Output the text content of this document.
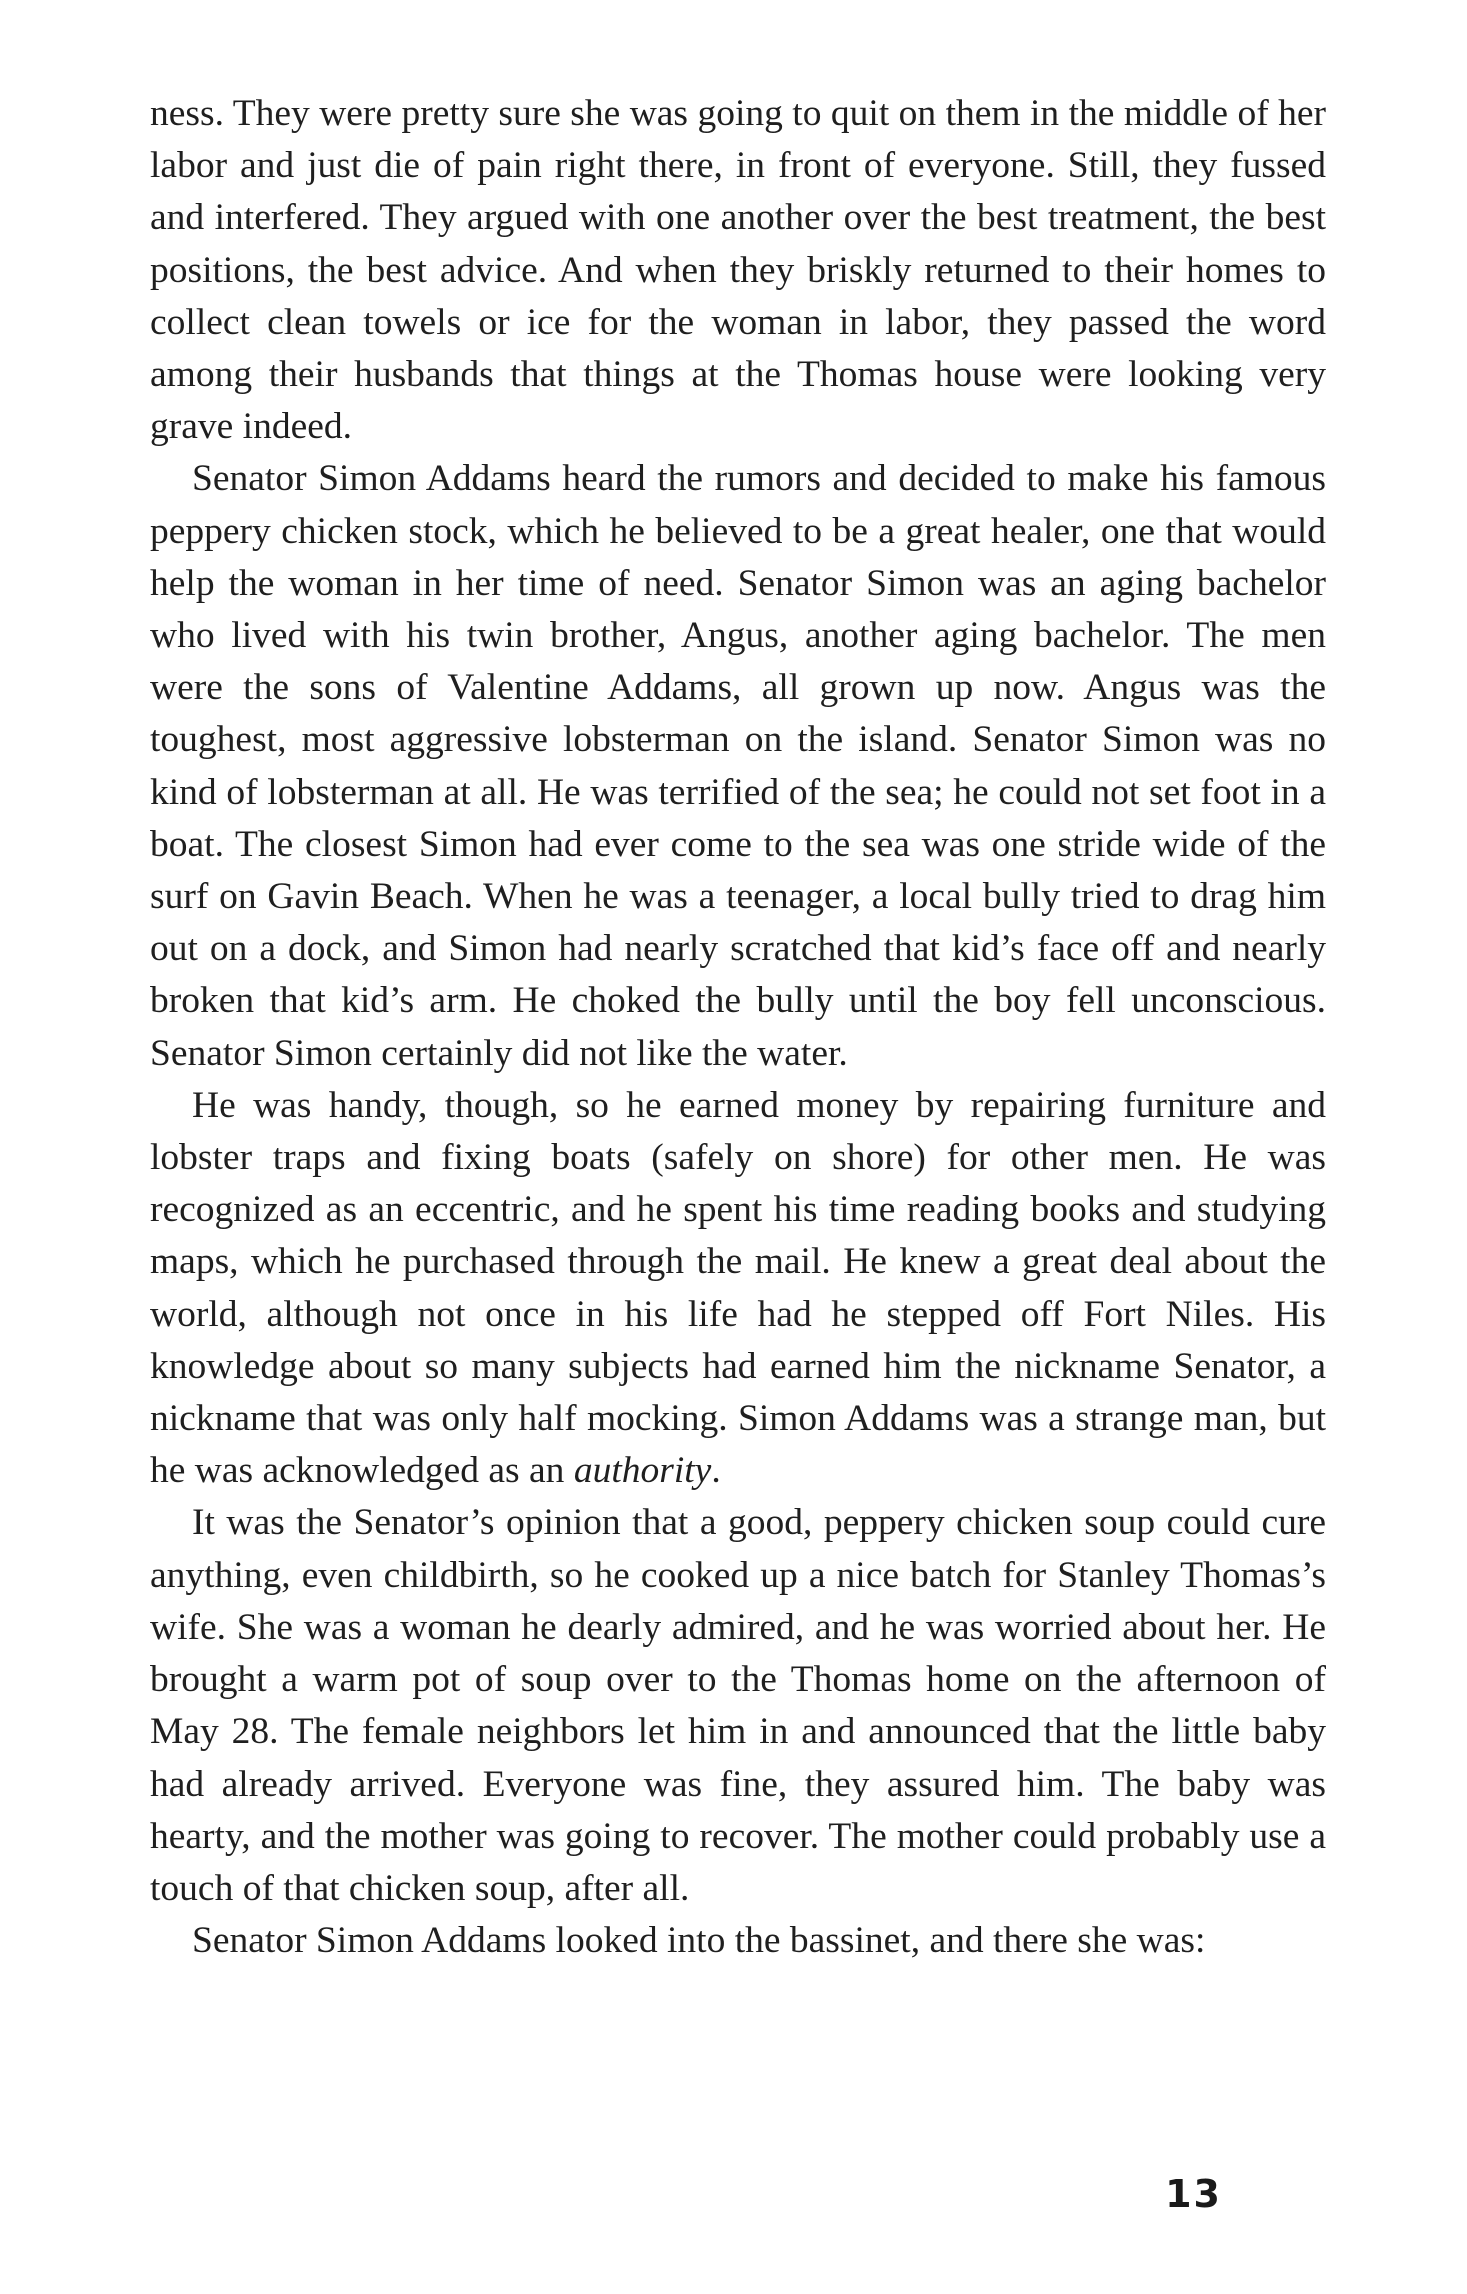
ness. They were pretty sure she was going to quit on them in the middle of her labor and just die of pain right there, in front of everyone. Still, they fussed and interfered. They argued with one another over the best treatment, the best positions, the best advice. And when they briskly returned to their homes to collect clean towels or ice for the woman in labor, they passed the word among their husbands that things at the Thomas house were looking very grave indeed.

Senator Simon Addams heard the rumors and decided to make his famous peppery chicken stock, which he believed to be a great healer, one that would help the woman in her time of need. Senator Simon was an aging bachelor who lived with his twin brother, Angus, another aging bachelor. The men were the sons of Valentine Addams, all grown up now. Angus was the toughest, most aggressive lobsterman on the island. Senator Simon was no kind of lobsterman at all. He was terrified of the sea; he could not set foot in a boat. The closest Simon had ever come to the sea was one stride wide of the surf on Gavin Beach. When he was a teenager, a local bully tried to drag him out on a dock, and Simon had nearly scratched that kid’s face off and nearly broken that kid’s arm. He choked the bully until the boy fell unconscious. Senator Simon certainly did not like the water.

He was handy, though, so he earned money by repairing furniture and lobster traps and fixing boats (safely on shore) for other men. He was recognized as an eccentric, and he spent his time reading books and studying maps, which he purchased through the mail. He knew a great deal about the world, although not once in his life had he stepped off Fort Niles. His knowledge about so many subjects had earned him the nickname Senator, a nickname that was only half mocking. Simon Addams was a strange man, but he was acknowledged as an authority.

It was the Senator’s opinion that a good, peppery chicken soup could cure anything, even childbirth, so he cooked up a nice batch for Stanley Thomas’s wife. She was a woman he dearly admired, and he was worried about her. He brought a warm pot of soup over to the Thomas home on the afternoon of May 28. The female neighbors let him in and announced that the little baby had already arrived. Everyone was fine, they assured him. The baby was hearty, and the mother was going to recover. The mother could probably use a touch of that chicken soup, after all.

Senator Simon Addams looked into the bassinet, and there she was:

13
